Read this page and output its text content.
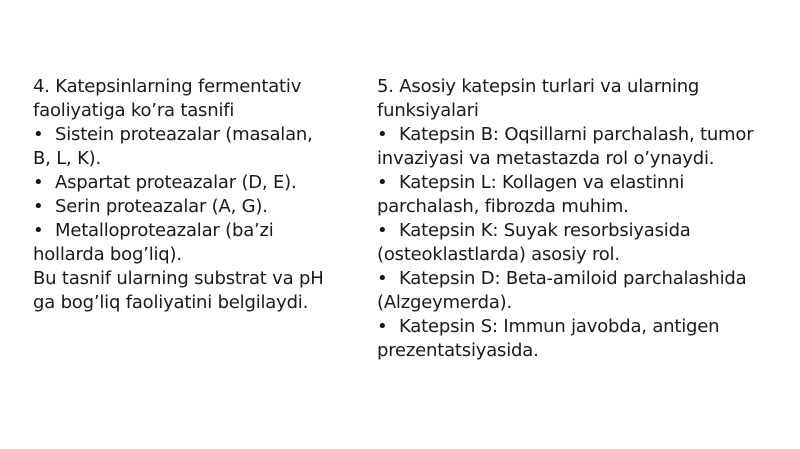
4. Katepsinlarning fermentativ faoliyatiga ko’ra tasnifi

• Sistein proteazalar (masalan, B, L, K).
• Aspartat proteazalar (D, E).
• Serin proteazalar (A, G).
• Metalloproteazalar (ba’zi hollarda bog’liq).

Bu tasnif ularning substrat va pH ga bog’liq faoliyatini belgilaydi.

5. Asosiy katepsin turlari va ularning funksiyalari

• Katepsin B: Oqsillarni parchalash, tumor invaziyasi va metastazda rol o’ynaydi.
• Katepsin L: Kollagen va elastinni parchalash, fibrozda muhim.
• Katepsin K: Suyak resorbsiyasida (osteoklastlarda) asosiy rol.
• Katepsin D: Beta-amiloid parchalashida (Alzgeymerda).
• Katepsin S: Immun javobda, antigen prezentatsiyasida.
